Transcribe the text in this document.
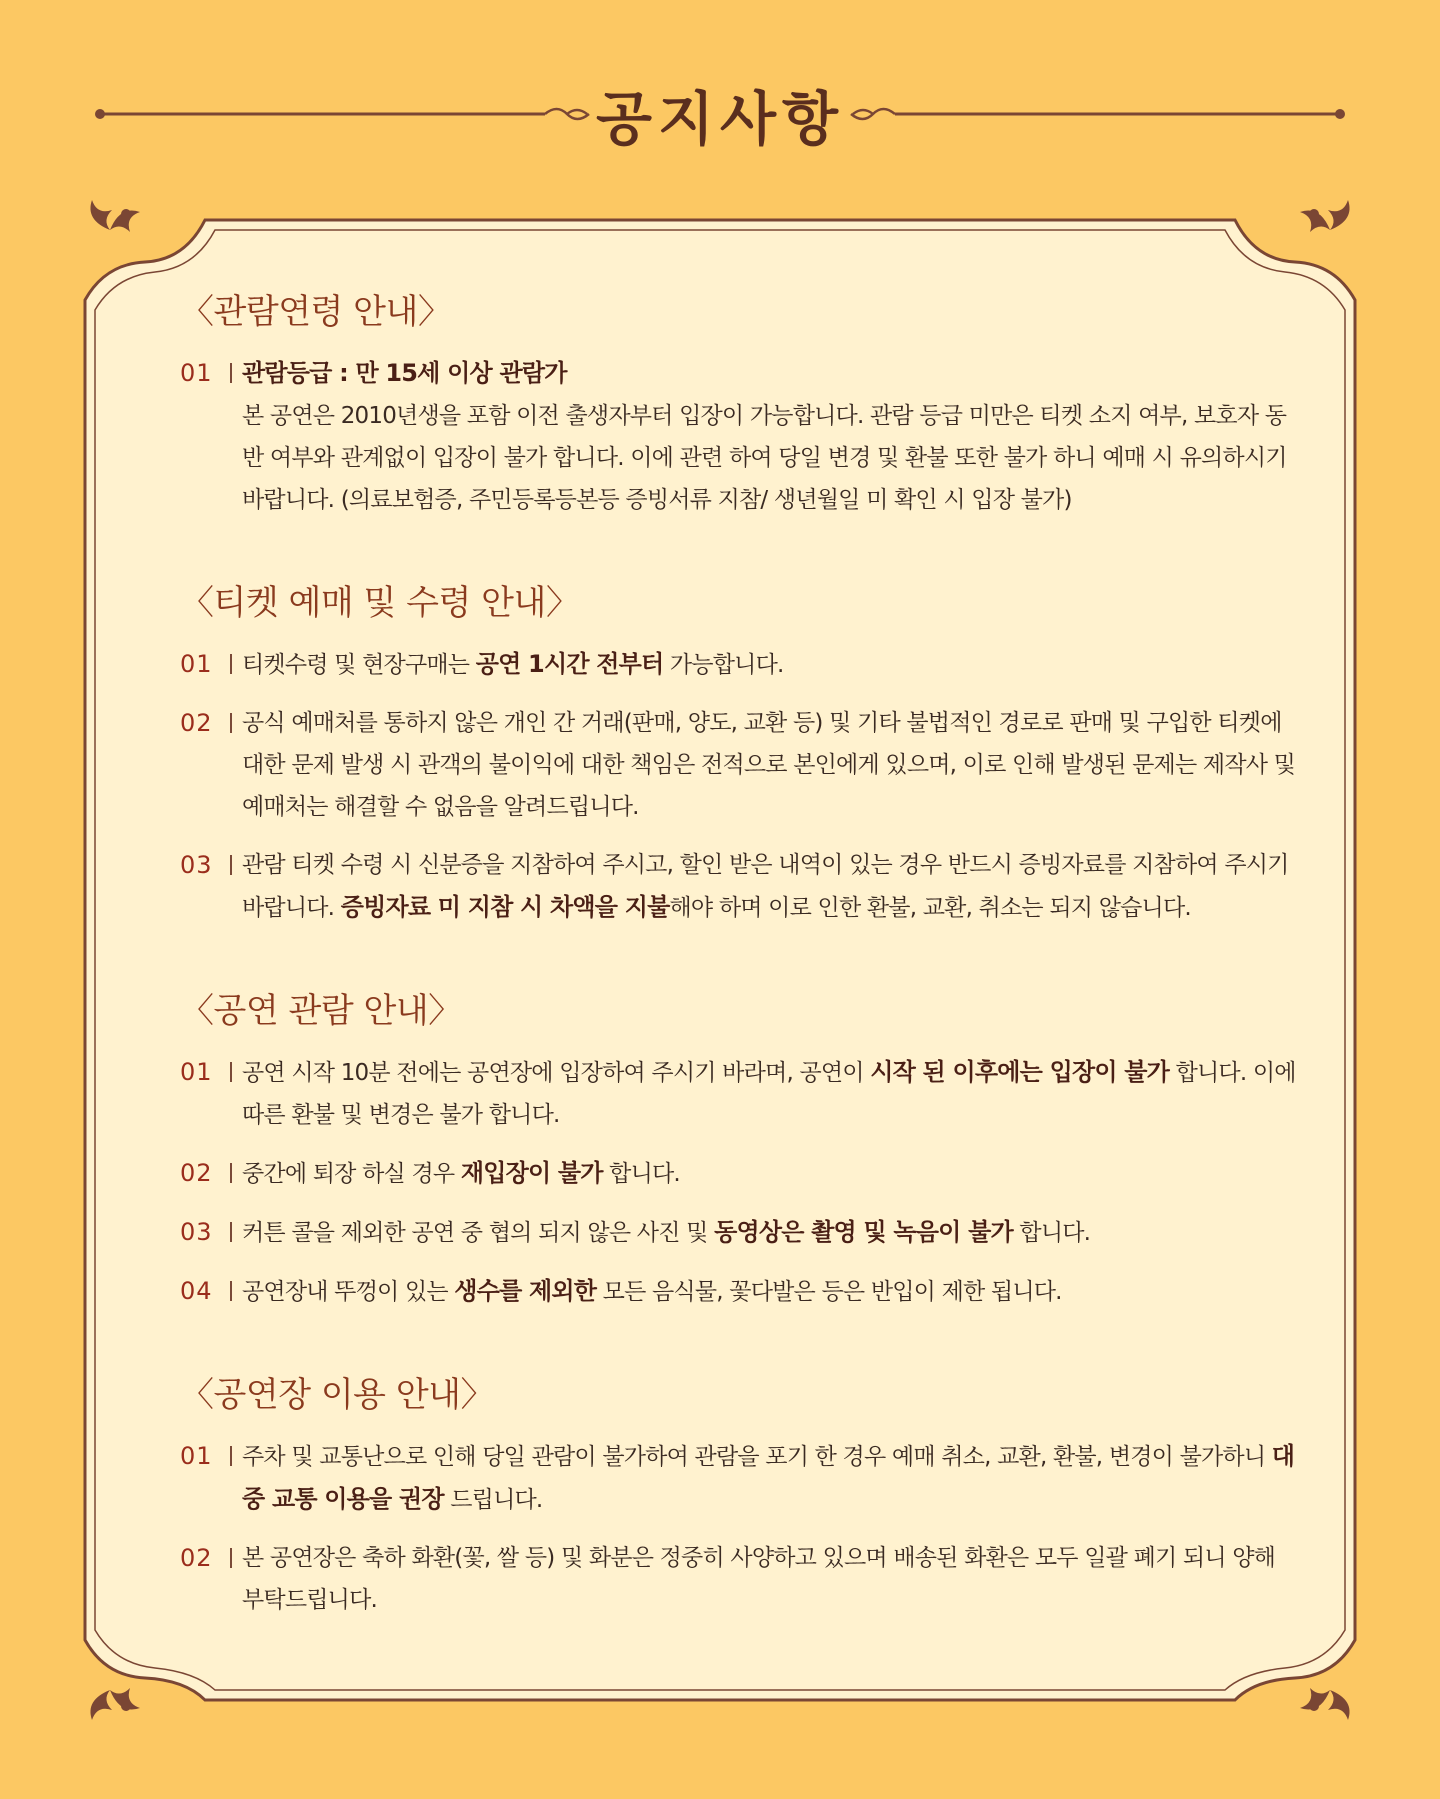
공지사항
〈관람연령 안내〉
01	관람등급 : 만 15세 이상 관람가
본 공연은 2010년생을 포함 이전 출생자부터 입장이 가능합니다. 관람 등급 미만은 티켓 소지 여부, 보호자 동반 여부와 관계없이 입장이 불가 합니다. 이에 관련 하여 당일 변경 및 환불 또한 불가 하니 예매 시 유의하시기 바랍니다. (의료보험증, 주민등록등본등 증빙서류 지참/ 생년월일 미 확인 시 입장 불가)
〈티켓 예매 및 수령 안내〉
01	티켓수령 및 현장구매는 공연 1시간 전부터 가능합니다.
02	공식 예매처를 통하지 않은 개인 간 거래(판매, 양도, 교환 등) 및 기타 불법적인 경로로 판매 및 구입한 티켓에 대한 문제 발생 시 관객의 불이익에 대한 책임은 전적으로 본인에게 있으며, 이로 인해 발생된 문제는 제작사 및 예매처는 해결할 수 없음을 알려드립니다.
03	관람 티켓 수령 시 신분증을 지참하여 주시고, 할인 받은 내역이 있는 경우 반드시 증빙자료를 지참하여 주시기 바랍니다. 증빙자료 미 지참 시 차액을 지불해야 하며 이로 인한 환불, 교환, 취소는 되지 않습니다.
〈공연 관람 안내〉
01	공연 시작 10분 전에는 공연장에 입장하여 주시기 바라며, 공연이 시작 된 이후에는 입장이 불가 합니다. 이에 따른 환불 및 변경은 불가 합니다.
02	중간에 퇴장 하실 경우 재입장이 불가 합니다.
03	커튼 콜을 제외한 공연 중 협의 되지 않은 사진 및 동영상은 촬영 및 녹음이 불가 합니다.
04	공연장내 뚜껑이 있는 생수를 제외한 모든 음식물, 꽃다발은 등은 반입이 제한 됩니다.
〈공연장 이용 안내〉
01	주차 및 교통난으로 인해 당일 관람이 불가하여 관람을 포기 한 경우 예매 취소, 교환, 환불, 변경이 불가하니 대중 교통 이용을 권장 드립니다.
02	본 공연장은 축하 화환(꽃, 쌀 등) 및 화분은 정중히 사양하고 있으며 배송된 화환은 모두 일괄 폐기 되니 양해 부탁드립니다.
